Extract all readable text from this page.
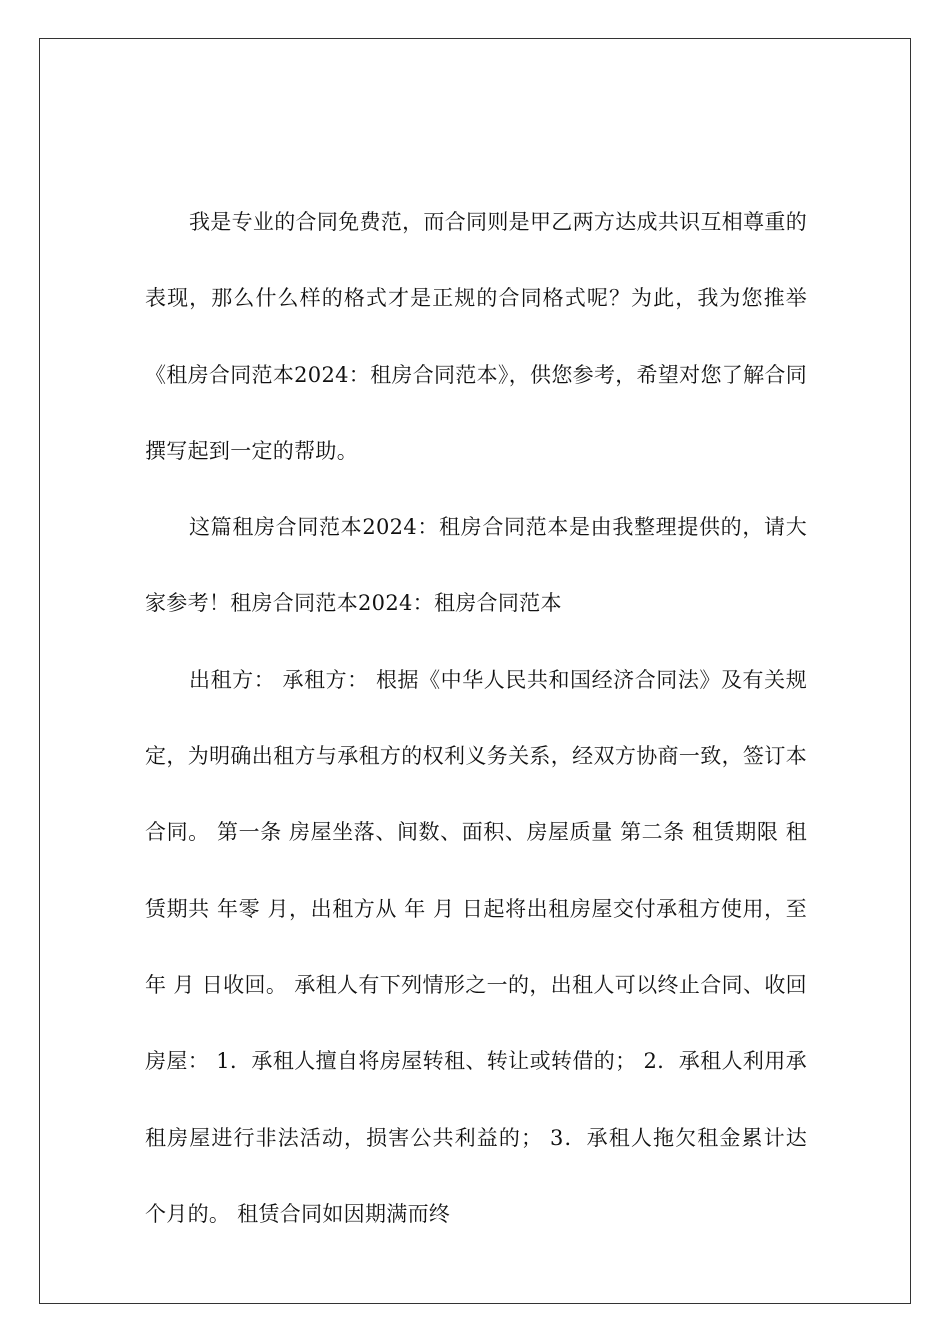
我是专业的合同免费范，而合同则是甲乙两方达成共识互相尊重的表现，那么什么样的格式才是正规的合同格式呢？为此，我为您推举《租房合同范本2024：租房合同范本》，供您参考，希望对您了解合同撰写起到一定的帮助。

这篇租房合同范本2024：租房合同范本是由我整理提供的，请大家参考！租房合同范本2024：租房合同范本

出租方： 承租方： 根据《中华人民共和国经济合同法》及有关规定，为明确出租方与承租方的权利义务关系，经双方协商一致，签订本合同。 第一条 房屋坐落、间数、面积、房屋质量 第二条 租赁期限 租赁期共 年零 月，出租方从 年 月 日起将出租房屋交付承租方使用，至 年 月 日收回。 承租人有下列情形之一的，出租人可以终止合同、收回房屋： 1．承租人擅自将房屋转租、转让或转借的； 2．承租人利用承租房屋进行非法活动，损害公共利益的； 3．承租人拖欠租金累计达 个月的。 租赁合同如因期满而终
